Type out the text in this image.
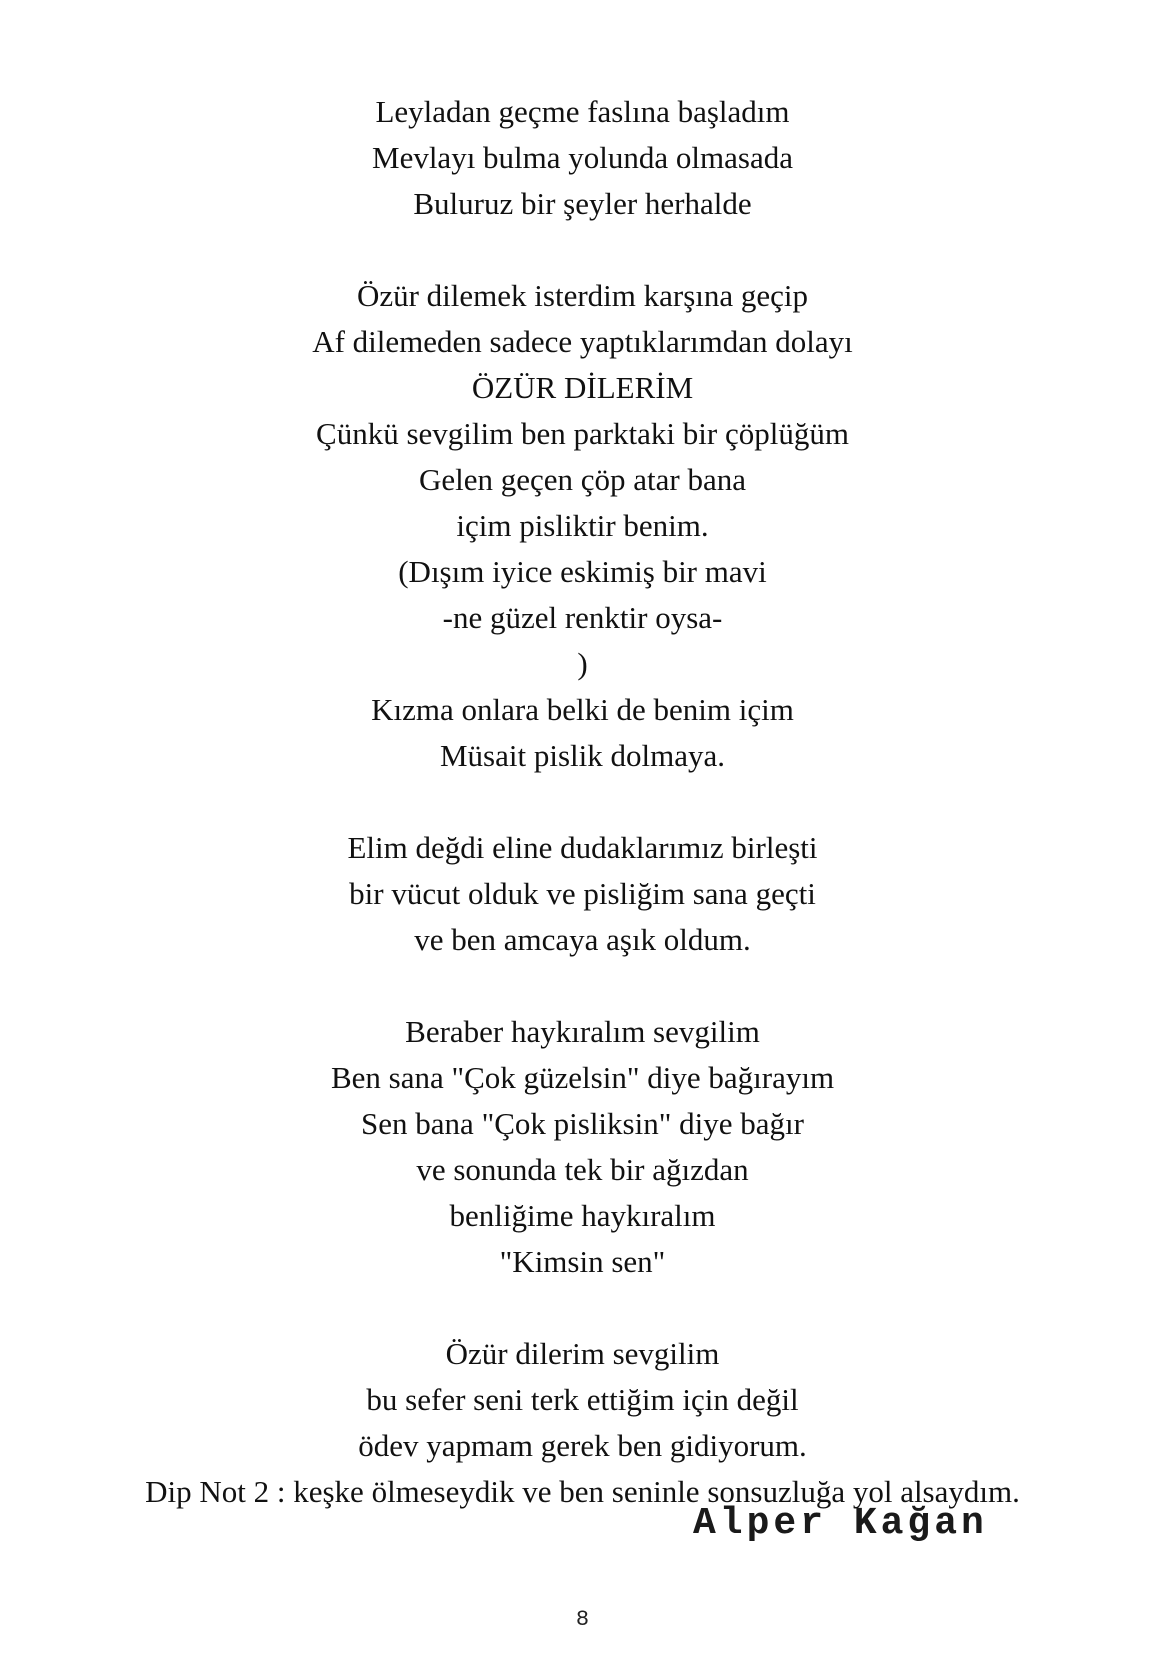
Leyladan geçme faslına başladım
Mevlayı bulma yolunda olmasada
Buluruz bir şeyler herhalde
Özür dilemek isterdim karşına geçip
Af dilemeden sadece yaptıklarımdan dolayı
ÖZÜR DİLERİM
Çünkü sevgilim ben parktaki bir çöplüğüm
Gelen geçen çöp atar bana
içim pisliktir benim.
(Dışım iyice eskimiş bir mavi
-ne güzel renktir oysa-
)
Kızma onlara belki de benim içim
Müsait pislik dolmaya.
Elim değdi eline dudaklarımız birleşti
bir vücut olduk ve pisliğim sana geçti
ve ben amcaya aşık oldum.
Beraber haykıralım sevgilim
Ben sana "Çok güzelsin" diye bağırayım
Sen bana "Çok pisliksin" diye bağır
ve sonunda tek bir ağızdan
benliğime haykıralım
"Kimsin sen"
Özür dilerim sevgilim
bu sefer seni terk ettiğim için değil
ödev yapmam gerek ben gidiyorum.
Dip Not 2 : keşke ölmeseydik ve ben seninle sonsuzluğa yol alsaydım.
Alper Kağan
8
